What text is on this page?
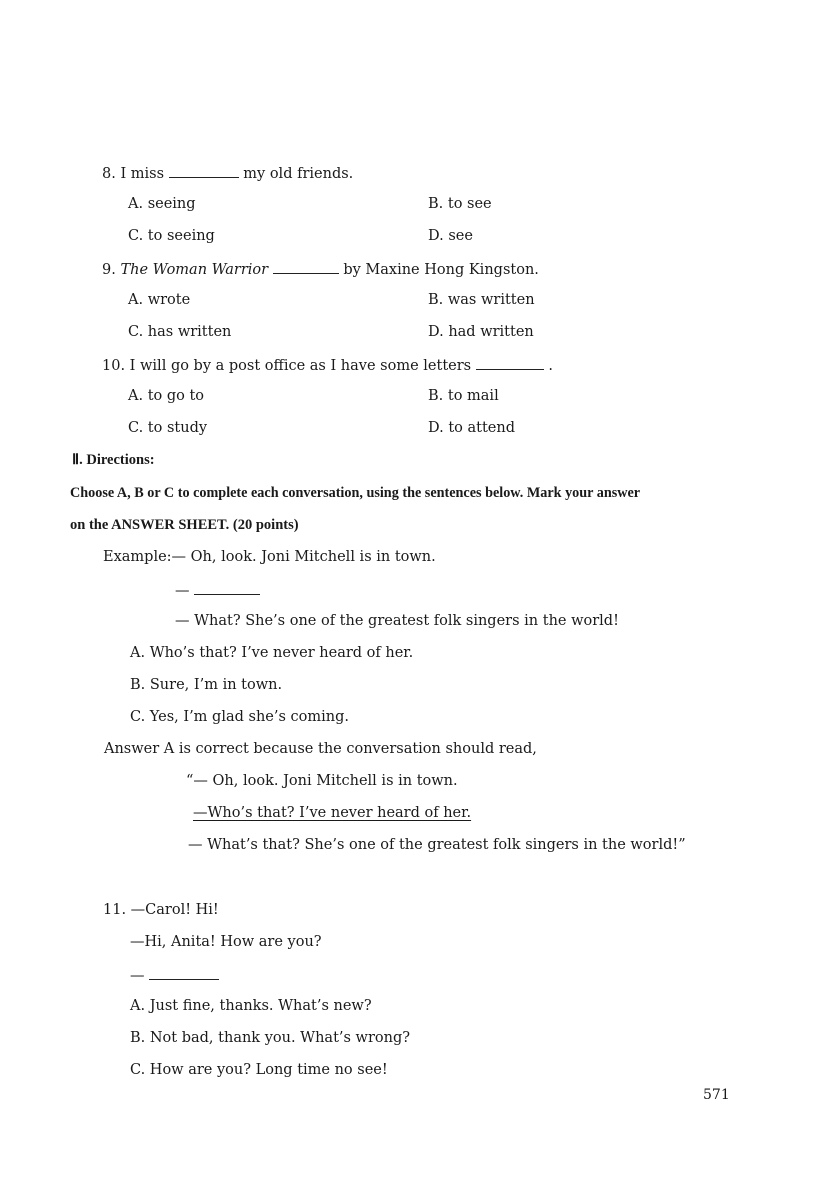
8. I miss	my old friends.
A. seeing	B. to see
C. to seeing	D. see
9. The Woman Warrior	by Maxine Hong Kingston.
A. wrote	B. was written
C. has written	D. had written
10. I will go by a post office as I have some letters	.
A. to go to	B. to mail
C. to study	D. to attend
Ⅱ. Directions:
Choose A, B or C to complete each conversation, using the sentences below. Mark your answer
on the ANSWER SHEET. (20 points)
Example:— Oh, look. Joni Mitchell is in town.
—
— What? She’s one of the greatest folk singers in the world!
A. Who’s that? I’ve never heard of her.
B. Sure, I’m in town.
C. Yes, I’m glad she’s coming.
Answer A is correct because the conversation should read,
“— Oh, look. Joni Mitchell is in town.
—Who’s that? I’ve never heard of her.
— What’s that? She’s one of the greatest folk singers in the world!”
11. —Carol! Hi!
—Hi, Anita! How are you?
—
A. Just fine, thanks. What’s new?
B. Not bad, thank you. What’s wrong?
C. How are you? Long time no see!
571
